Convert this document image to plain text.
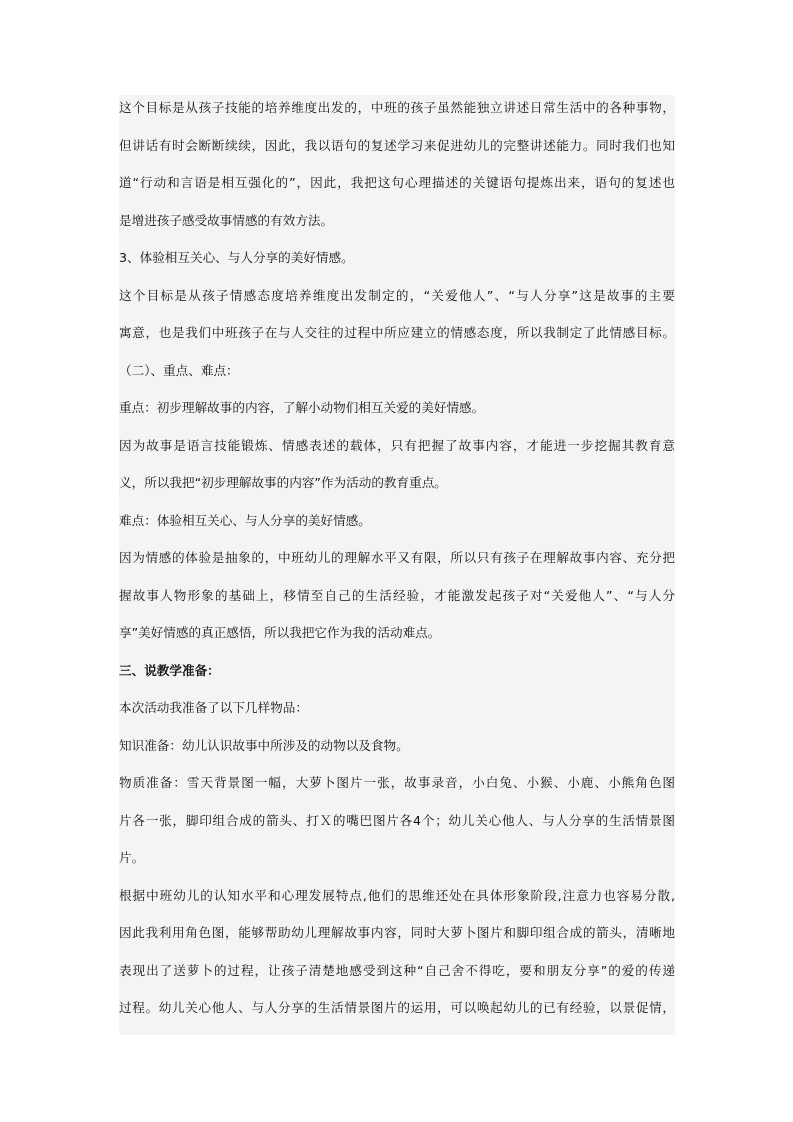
这个目标是从孩子技能的培养维度出发的，中班的孩子虽然能独立讲述日常生活中的各种事物，
但讲话有时会断断续续，因此，我以语句的复述学习来促进幼儿的完整讲述能力。同时我们也知
道“行动和言语是相互强化的”，因此，我把这句心理描述的关键语句提炼出来，语句的复述也
是增进孩子感受故事情感的有效方法。
3、体验相互关心、与人分享的美好情感。
这个目标是从孩子情感态度培养维度出发制定的，“关爱他人”、“与人分享”这是故事的主要
寓意，也是我们中班孩子在与人交往的过程中所应建立的情感态度，所以我制定了此情感目标。
（二）、重点、难点：
重点：初步理解故事的内容，了解小动物们相互关爱的美好情感。
因为故事是语言技能锻炼、情感表述的载体，只有把握了故事内容，才能进一步挖掘其教育意
义，所以我把“初步理解故事的内容”作为活动的教育重点。
难点：体验相互关心、与人分享的美好情感。
因为情感的体验是抽象的，中班幼儿的理解水平又有限，所以只有孩子在理解故事内容、充分把
握故事人物形象的基础上，移情至自己的生活经验，才能激发起孩子对“关爱他人”、“与人分
享”美好情感的真正感悟，所以我把它作为我的活动难点。
三、说教学准备：
本次活动我准备了以下几样物品：
知识准备：幼儿认识故事中所涉及的动物以及食物。
物质准备：雪天背景图一幅，大萝卜图片一张，故事录音，小白兔、小猴、小鹿、小熊角色图
片各一张，脚印组合成的箭头、打Ｘ的嘴巴图片各4个；幼儿关心他人、与人分享的生活情景图
片。
根据中班幼儿的认知水平和心理发展特点,他们的思维还处在具体形象阶段,注意力也容易分散,
因此我利用角色图，能够帮助幼儿理解故事内容，同时大萝卜图片和脚印组合成的箭头，清晰地
表现出了送萝卜的过程，让孩子清楚地感受到这种“自己舍不得吃，要和朋友分享”的爱的传递
过程。幼儿关心他人、与人分享的生活情景图片的运用，可以唤起幼儿的已有经验，以景促情，
